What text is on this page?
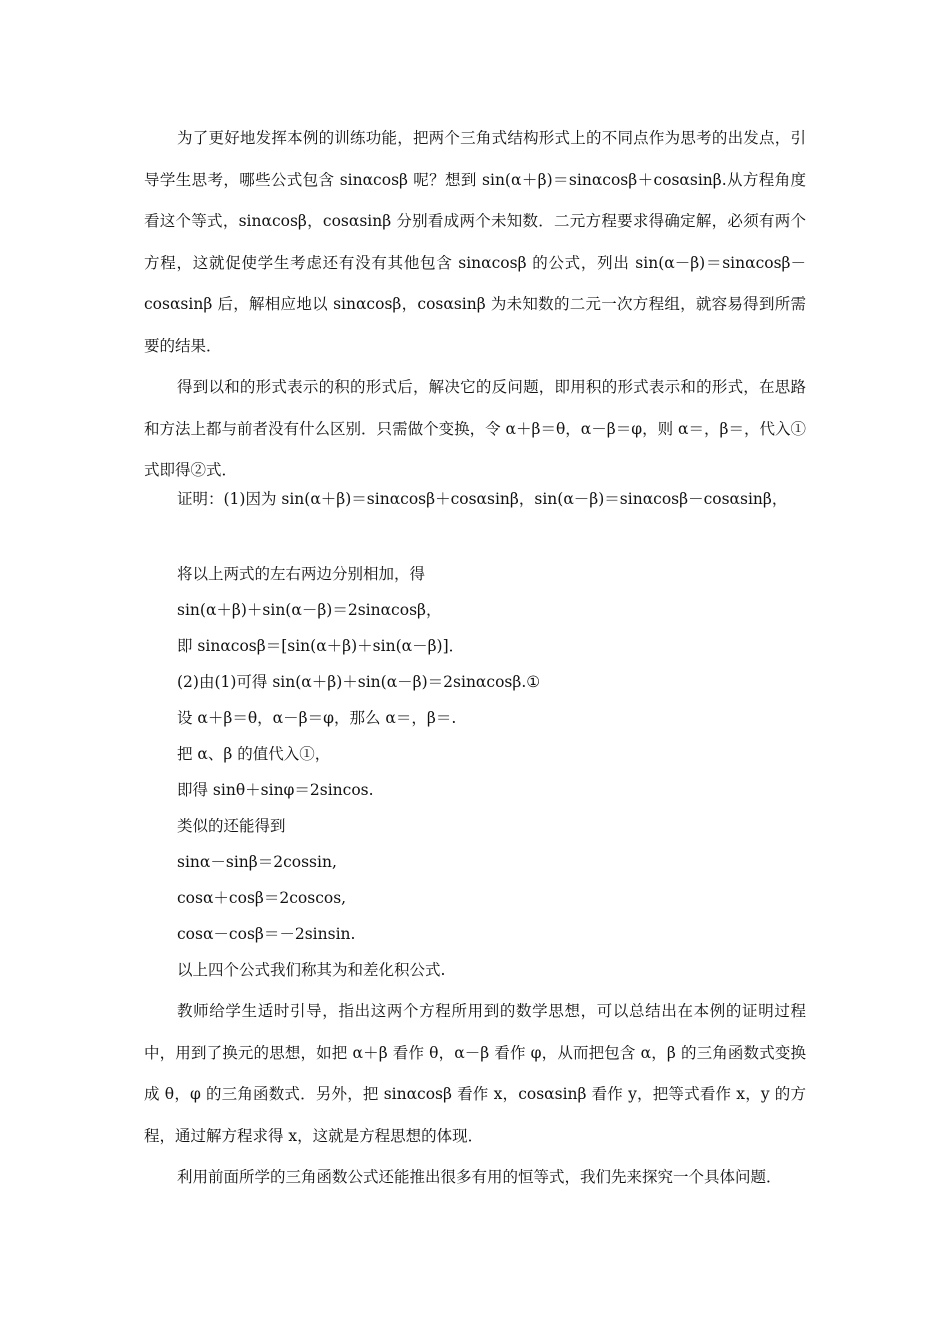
为了更好地发挥本例的训练功能，把两个三角式结构形式上的不同点作为思考的出发点，引导学生思考，哪些公式包含 sinαcosβ 呢？想到 sin(α＋β)＝sinαcosβ＋cosαsinβ.从方程角度看这个等式，sinαcosβ，cosαsinβ 分别看成两个未知数．二元方程要求得确定解，必须有两个方程，这就促使学生考虑还有没有其他包含 sinαcosβ 的公式，列出 sin(α－β)＝sinαcosβ－cosαsinβ 后，解相应地以 sinαcosβ，cosαsinβ 为未知数的二元一次方程组，就容易得到所需要的结果．

得到以和的形式表示的积的形式后，解决它的反问题，即用积的形式表示和的形式，在思路和方法上都与前者没有什么区别．只需做个变换，令 α＋β＝θ，α－β＝φ，则 α＝，β＝，代入①式即得②式．

证明：(1)因为 sin(α＋β)＝sinαcosβ＋cosαsinβ，sin(α－β)＝sinαcosβ－cosαsinβ，

将以上两式的左右两边分别相加，得

sin(α＋β)＋sin(α－β)＝2sinαcosβ，

即 sinαcosβ＝[sin(α＋β)＋sin(α－β)]．

(2)由(1)可得 sin(α＋β)＋sin(α－β)＝2sinαcosβ.①

设 α＋β＝θ，α－β＝φ，那么 α＝，β＝.

把 α、β 的值代入①，

即得 sinθ＋sinφ＝2sincos.

类似的还能得到

sinα－sinβ＝2cossin,

cosα＋cosβ＝2coscos,

cosα－cosβ＝－2sinsin.

以上四个公式我们称其为和差化积公式.

教师给学生适时引导，指出这两个方程所用到的数学思想，可以总结出在本例的证明过程中，用到了换元的思想，如把 α＋β 看作 θ，α－β 看作 φ，从而把包含 α，β 的三角函数式变换成 θ，φ 的三角函数式．另外，把 sinαcosβ 看作 x，cosαsinβ 看作 y，把等式看作 x，y 的方程，通过解方程求得 x，这就是方程思想的体现．

利用前面所学的三角函数公式还能推出很多有用的恒等式，我们先来探究一个具体问题．
